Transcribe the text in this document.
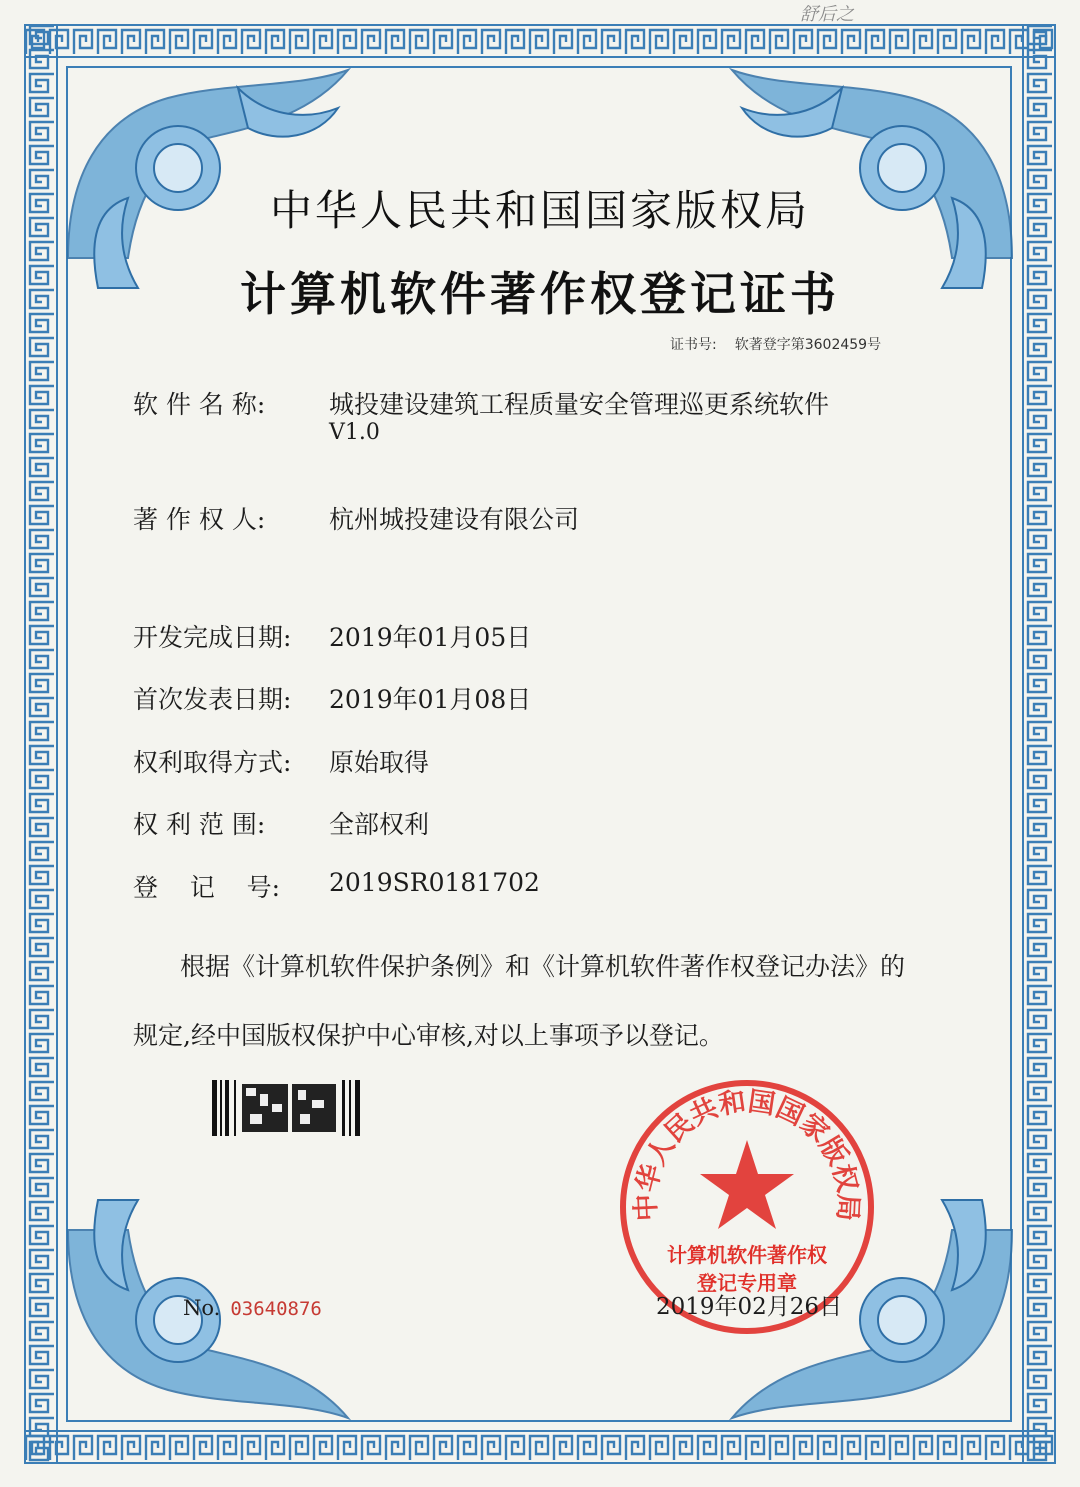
舒后之
中华人民共和国国家版权局
计算机软件著作权登记证书
证书号: 软著登字第3602459号
软 件 名 称:	城投建设建筑工程质量安全管理巡更系统软件
V1.0
著 作 权 人:	杭州城投建设有限公司
开发完成日期:	2019年01月05日
首次发表日期:	2019年01月08日
权利取得方式:	原始取得
权 利 范 围:	全部权利
登    记    号:	2019SR0181702
根据《计算机软件保护条例》和《计算机软件著作权登记办法》的
规定,经中国版权保护中心审核,对以上事项予以登记。
No. 03640876
中华人民共和国国家版权局
计算机软件著作权
登记专用章
2019年02月26日
